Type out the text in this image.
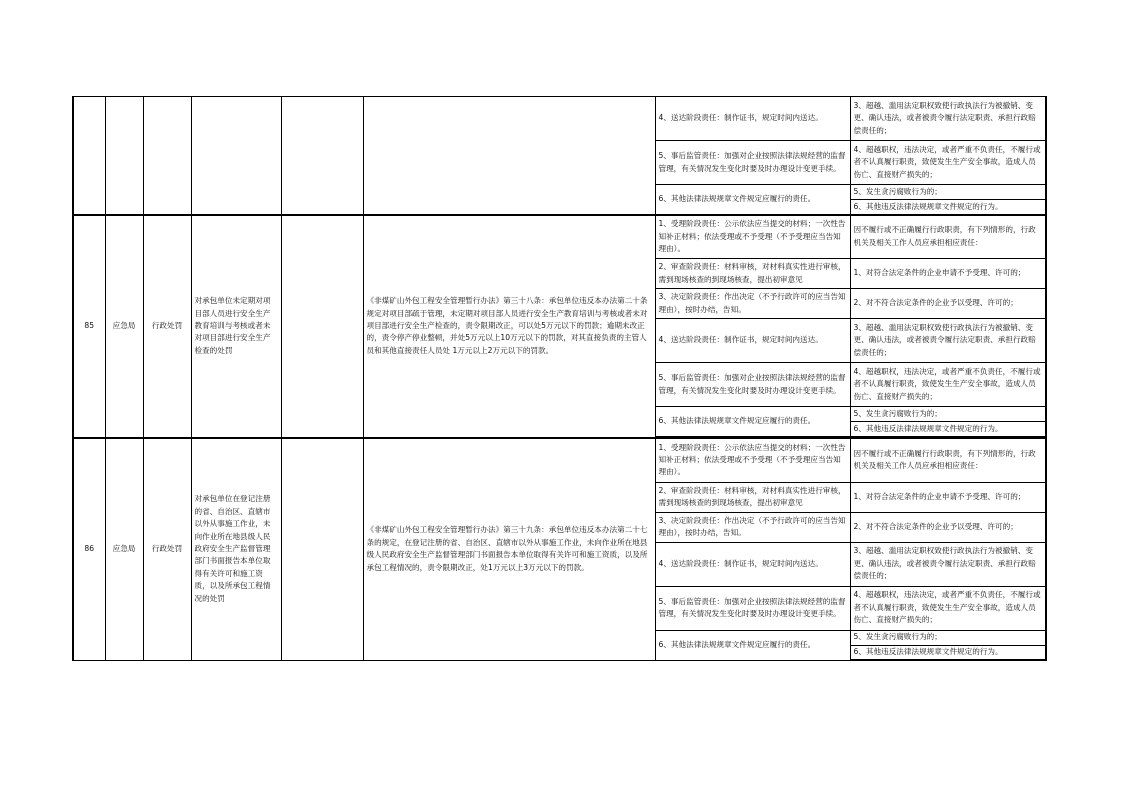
						4、送达阶段责任：制作证书，规定时间内送达。	3、超越、滥用法定职权致使行政执法行为被撤销、变更、确认违法，或者被责令履行法定职责、承担行政赔偿责任的；
						5、事后监管责任：加强对企业按照法律法规经营的监督管理，有关情况发生变化时要及时办理设计变更手续。	4、超越职权，违法决定，或者严重不负责任，不履行或者不认真履行职责，致使发生生产安全事故，造成人员伤亡、直接财产损失的；
						6、其他法律法规规章文件规定应履行的责任。	5、发生贪污腐败行为的；
							6、其他违反法律法规规章文件规定的行为。
85	应急局	行政处罚	对承包单位未定期对项目部人员进行安全生产教育培训与考核或者未对项目部进行安全生产检查的处罚		《非煤矿山外包工程安全管理暂行办法》第三十八条：承包单位违反本办法第二十条规定对项目部疏于管理，未定期对项目部人员进行安全生产教育培训与考核或者未对项目部进行安全生产检查的，责令限期改正，可以处5万元以下的罚款；逾期未改正的，责令停产停业整顿，并处5万元以上10万元以下的罚款，对其直接负责的主管人员和其他直接责任人员处 1万元以上2万元以下的罚款。	1、受理阶段责任：公示依法应当提交的材料；一次性告知补正材料；依法受理或不予受理（不予受理应当告知理由）。	因不履行或不正确履行行政职责，有下列情形的，行政机关及相关工作人员应承担相应责任：
						2、审查阶段责任：材料审核，对材料真实性进行审核，需到现场核查的到现场核查，提出初审意见	1、对符合法定条件的企业申请不予受理、许可的；
						3、决定阶段责任：作出决定（不予行政许可的应当告知理由），按时办结，告知。	2、对不符合法定条件的企业予以受理、许可的；
						4、送达阶段责任：制作证书，规定时间内送达。	3、超越、滥用法定职权致使行政执法行为被撤销、变更、确认违法，或者被责令履行法定职责、承担行政赔偿责任的；
						5、事后监管责任：加强对企业按照法律法规经营的监督管理，有关情况发生变化时要及时办理设计变更手续。	4、超越职权，违法决定，或者严重不负责任，不履行或者不认真履行职责，致使发生生产安全事故，造成人员伤亡、直接财产损失的；
						6、其他法律法规规章文件规定应履行的责任。	5、发生贪污腐败行为的；
							6、其他违反法律法规规章文件规定的行为。

86	应急局	行政处罚	对承包单位在登记注册的省、自治区、直辖市以外从事施工作业，未向作业所在地县级人民政府安全生产监督管理部门书面报告本单位取得有关许可和施工资质，以及所承包工程情况的处罚		《非煤矿山外包工程安全管理暂行办法》第三十九条：承包单位违反本办法第二十七条的规定，在登记注册的省、自治区、直辖市以外从事施工作业，未向作业所在地县级人民政府安全生产监督管理部门书面报告本单位取得有关许可和施工资质，以及所承包工程情况的，责令限期改正，处1万元以上3万元以下的罚款。	1、受理阶段责任：公示依法应当提交的材料；一次性告知补正材料；依法受理或不予受理（不予受理应当告知理由）。	因不履行或不正确履行行政职责，有下列情形的，行政机关及相关工作人员应承担相应责任：
						2、审查阶段责任：材料审核，对材料真实性进行审核，需到现场核查的到现场核查，提出初审意见	1、对符合法定条件的企业申请不予受理、许可的；
						3、决定阶段责任：作出决定（不予行政许可的应当告知理由），按时办结，告知。	2、对不符合法定条件的企业予以受理、许可的；
						4、送达阶段责任：制作证书，规定时间内送达。	3、超越、滥用法定职权致使行政执法行为被撤销、变更、确认违法，或者被责令履行法定职责、承担行政赔偿责任的；
						5、事后监管责任：加强对企业按照法律法规经营的监督管理，有关情况发生变化时要及时办理设计变更手续。	4、超越职权，违法决定，或者严重不负责任，不履行或者不认真履行职责，致使发生生产安全事故，造成人员伤亡、直接财产损失的；
						6、其他法律法规规章文件规定应履行的责任。	5、发生贪污腐败行为的；
							6、其他违反法律法规规章文件规定的行为。
